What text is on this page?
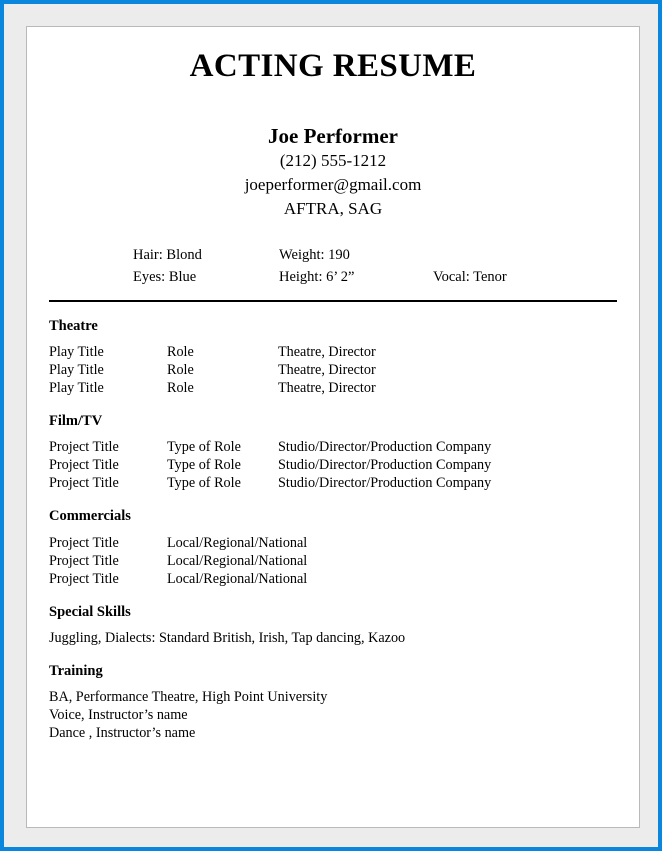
ACTING RESUME
Joe Performer
(212) 555-1212
joeperformer@gmail.com
AFTRA, SAG
Hair: Blond	Weight: 190
Eyes: Blue	Height: 6’ 2”	Vocal: Tenor
Theatre
Play Title	Role	Theatre, Director
Play Title	Role	Theatre, Director
Play Title	Role	Theatre, Director
Film/TV
Project Title	Type of Role	Studio/Director/Production Company
Project Title	Type of Role	Studio/Director/Production Company
Project Title	Type of Role	Studio/Director/Production Company
Commercials
Project Title	Local/Regional/National
Project Title	Local/Regional/National
Project Title	Local/Regional/National
Special Skills
Juggling, Dialects: Standard British, Irish, Tap dancing, Kazoo
Training
BA, Performance Theatre, High Point University
Voice, Instructor’s name
Dance , Instructor’s name
